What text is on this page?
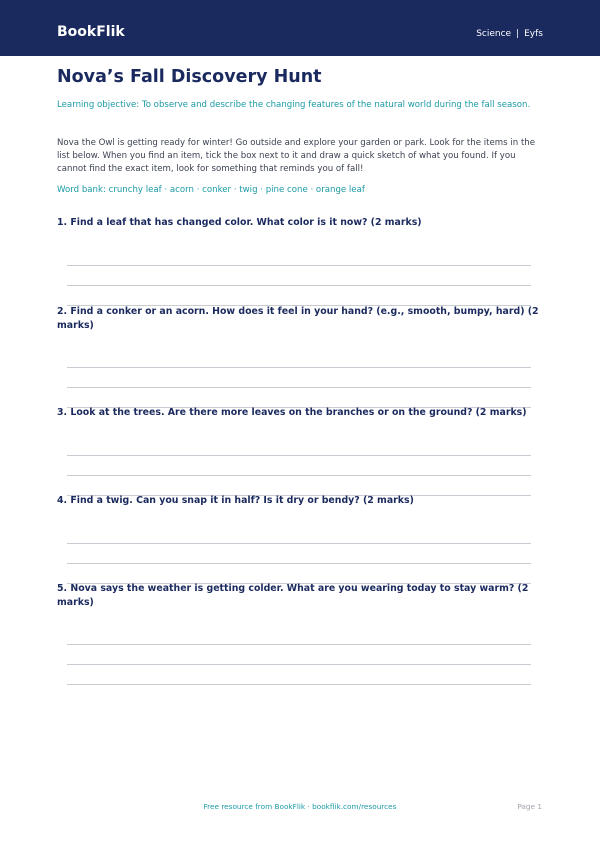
BookFlik	Science | Eyfs
Nova’s Fall Discovery Hunt
Learning objective: To observe and describe the changing features of the natural world during the fall season.
Nova the Owl is getting ready for winter! Go outside and explore your garden or park. Look for the items in the list below. When you find an item, tick the box next to it and draw a quick sketch of what you found. If you cannot find the exact item, look for something that reminds you of fall!
Word bank: crunchy leaf · acorn · conker · twig · pine cone · orange leaf
1. Find a leaf that has changed color. What color is it now? (2 marks)
2. Find a conker or an acorn. How does it feel in your hand? (e.g., smooth, bumpy, hard) (2 marks)
3. Look at the trees. Are there more leaves on the branches or on the ground? (2 marks)
4. Find a twig. Can you snap it in half? Is it dry or bendy? (2 marks)
5. Nova says the weather is getting colder. What are you wearing today to stay warm? (2 marks)
Free resource from BookFlik · bookflik.com/resources	Page 1
